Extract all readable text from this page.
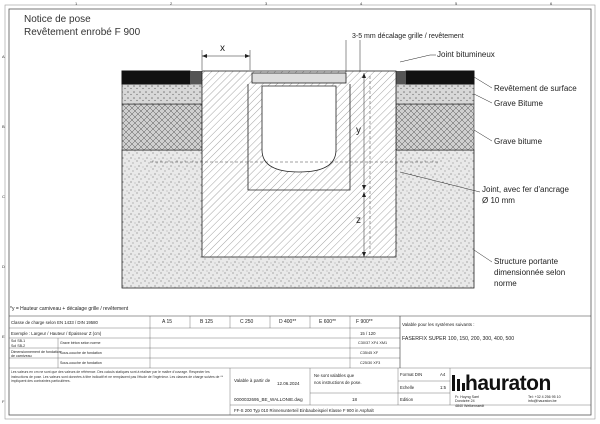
1	2	3	4	5	6
A
B
C
D
E
F
Notice de pose
Revêtement enrobé F 900
x
y
z
3-5 mm décalage grille / revêtement
Joint bitumineux
Revêtement de surface
Grave Bitume
Grave bitume
Joint, avec fer d'ancrage
Ø 10 mm
Structure portante
dimensionnée selon
norme
*y = Hauteur carniveau + décalage grille / revêtement
Classe de charge selon EN 1433 / DIN 19580	A 15	B 125	C 250	D 400**	E 600**	F 900**
Exemple : Largeur / Hauteur / Épaisseur Z (cm)	15 / 120
Sol SB-1
Sol SB-2
Grave béton selon norme	C30/37 XF4 XM1
Dimensionnement de fondation
de carniveau
Sous-couche de fondation	C35/45 XF
Sous-couche de fondation	C25/30 XF3
Valable pour les systèmes suivants :
FASERFIX SUPER 100, 150, 200, 300, 400, 500
Les valeurs en cm ne sont que des valeurs de référence. Des calculs statiques sont à réaliser par le maître d'ouvrage. Respecter les instructions de pose. Les valeurs sont données à titre indicatif et ne remplacent pas l'étude de l'ingénieur. Les classes de charge suivies de ** impliquent des contraintes particulières.	Valable à partir de
12.06.2024
Ne sont valables que
nos instructions de pose.
Format DIN	A4
Echelle	1:5
Edition
0000032695_BE_WALLONIE.dwg	18
FF-S 200 Typ 010 Rinnenunterteil Einbaubeispiel Klasse F 900 in Asphalt
hauraton
Fr. Hoyng Sarrl
Dorotzée 24
4840 Welkenraedt
Tel: +32 4 256 95 10
info@hauraton.be
